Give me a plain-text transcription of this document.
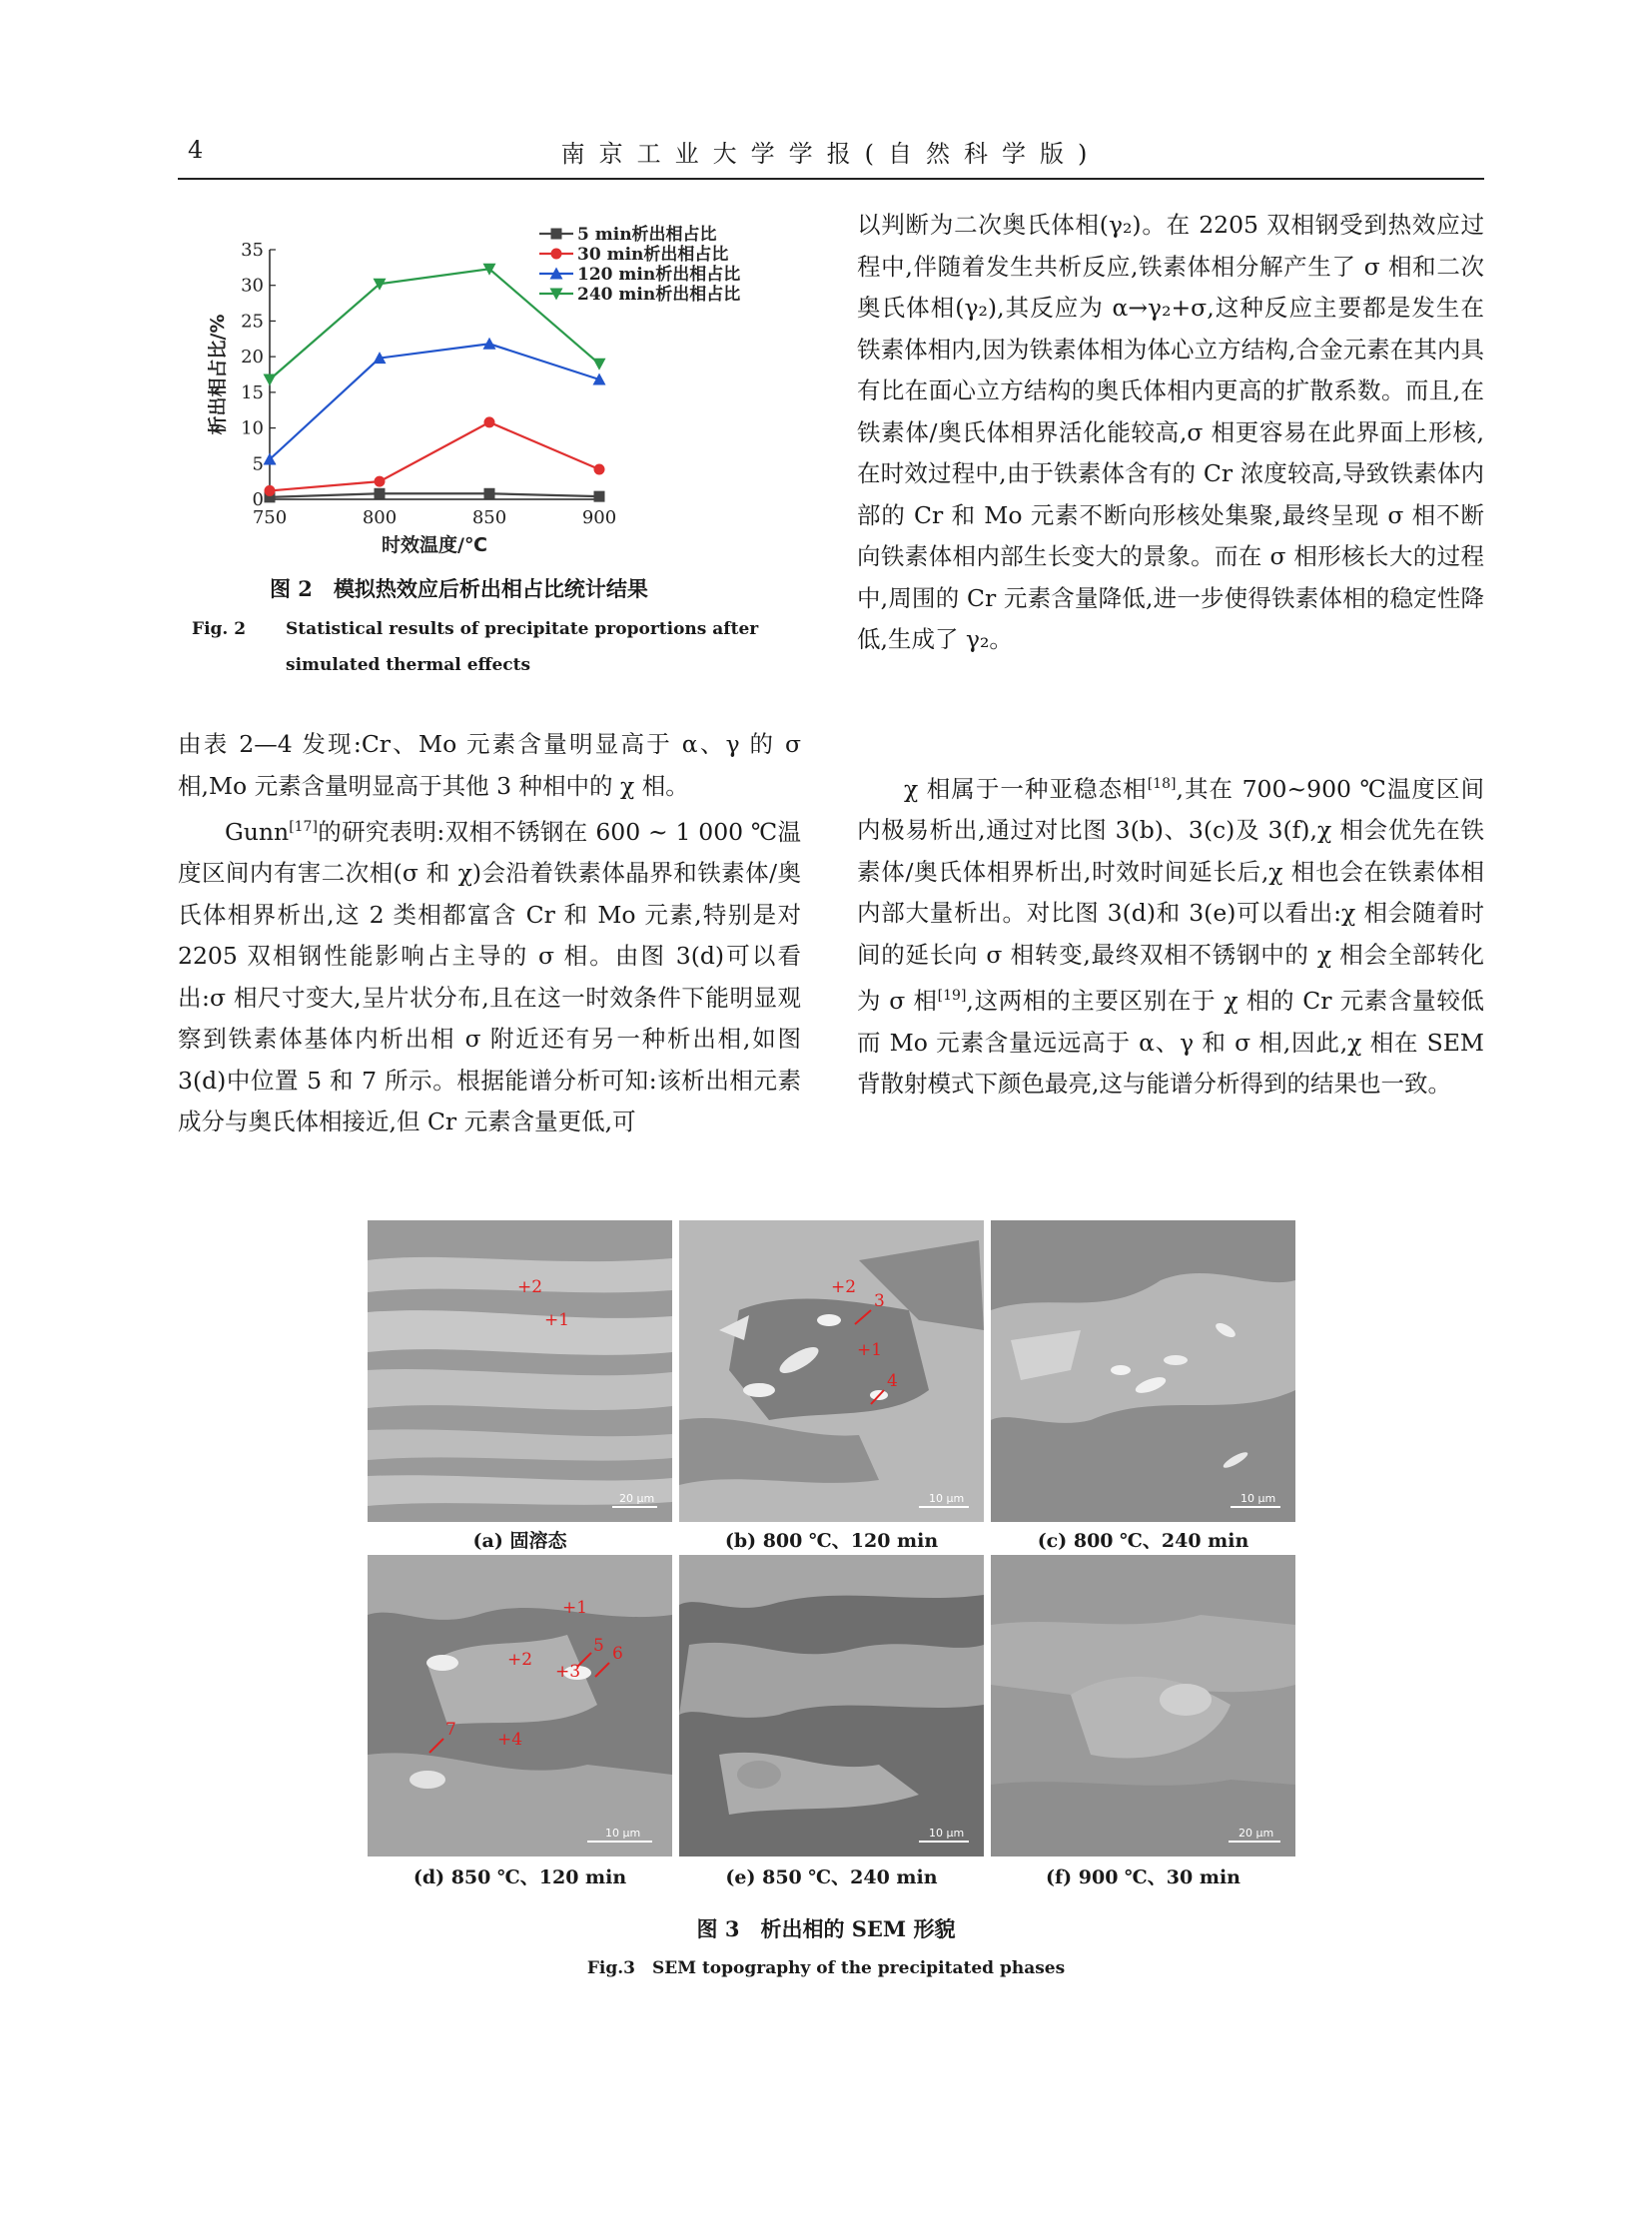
4	南京工业大学学报(自然科学版)
0
5
10
15
20
25
30
35
750	800	850	900
时效温度/℃
析出相占比/%
5 min析出相占比
30 min析出相占比
120 min析出相占比
240 min析出相占比
图 2　模拟热效应后析出相占比统计结果
Fig. 2 Statistical results of precipitate proportions after
simulated thermal effects
由表 2—4 发现:Cr、Mo 元素含量明显高于 α、γ 的 σ 相,Mo 元素含量明显高于其他 3 种相中的 χ 相。
Gunn[17]的研究表明:双相不锈钢在 600 ~ 1 000 ℃温度区间内有害二次相(σ 和 χ)会沿着铁素体晶界和铁素体/奥氏体相界析出,这 2 类相都富含 Cr 和 Mo 元素,特别是对 2205 双相钢性能影响占主导的 σ 相。由图 3(d)可以看出:σ 相尺寸变大,呈片状分布,且在这一时效条件下能明显观察到铁素体基体内析出相 σ 附近还有另一种析出相,如图 3(d)中位置 5 和 7 所示。根据能谱分析可知:该析出相元素成分与奥氏体相接近,但 Cr 元素含量更低,可
以判断为二次奥氏体相(γ₂)。在 2205 双相钢受到热效应过程中,伴随着发生共析反应,铁素体相分解产生了 σ 相和二次奥氏体相(γ₂),其反应为 α→γ₂+σ,这种反应主要都是发生在铁素体相内,因为铁素体相为体心立方结构,合金元素在其内具有比在面心立方结构的奥氏体相内更高的扩散系数。而且,在铁素体/奥氏体相界活化能较高,σ 相更容易在此界面上形核,在时效过程中,由于铁素体含有的 Cr 浓度较高,导致铁素体内部的 Cr 和 Mo 元素不断向形核处集聚,最终呈现 σ 相不断向铁素体相内部生长变大的景象。而在 σ 相形核长大的过程中,周围的 Cr 元素含量降低,进一步使得铁素体相的稳定性降低,生成了 γ₂。
χ 相属于一种亚稳态相[18],其在 700~900 ℃温度区间内极易析出,通过对比图 3(b)、3(c)及 3(f),χ 相会优先在铁素体/奥氏体相界析出,时效时间延长后,χ 相也会在铁素体相内部大量析出。对比图 3(d)和 3(e)可以看出:χ 相会随着时间的延长向 σ 相转变,最终双相不锈钢中的 χ 相会全部转化为 σ 相[19],这两相的主要区别在于 χ 相的 Cr 元素含量较低而 Mo 元素含量远远高于 α、γ 和 σ 相,因此,χ 相在 SEM 背散射模式下颜色最亮,这与能谱分析得到的结果也一致。
20 μm
+2
+1
10 μm
+2
3
+1
4
10 μm
10 μm
+1
+2
5 6
+3
7 +4
10 μm	20 μm
(a) 固溶态	(b) 800 ℃、120 min	(c) 800 ℃、240 min
(d) 850 ℃、120 min	(e) 850 ℃、240 min	(f) 900 ℃、30 min
图 3　析出相的 SEM 形貌
Fig.3　SEM topography of the precipitated phases
